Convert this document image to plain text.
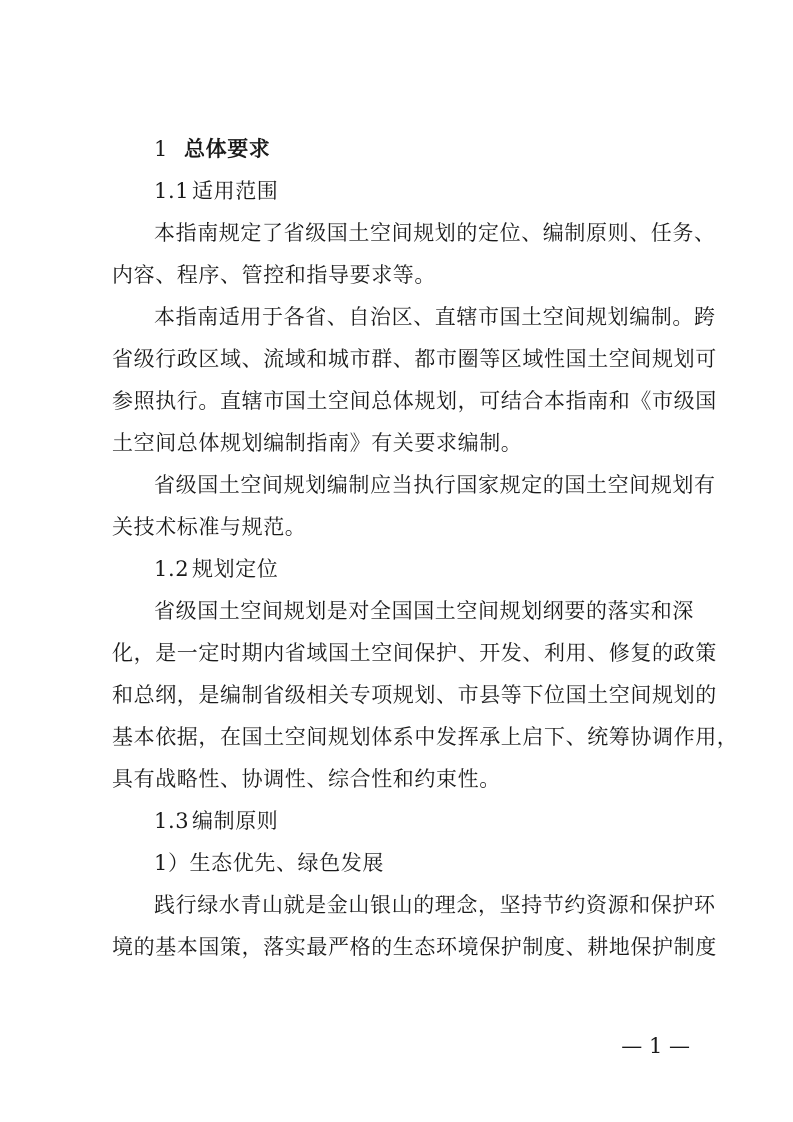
1 总体要求
1.1 适用范围
本指南规定了省级国土空间规划的定位、编制原则、任务、
内容、程序、管控和指导要求等。
本指南适用于各省、自治区、直辖市国土空间规划编制。跨
省级行政区域、流域和城市群、都市圈等区域性国土空间规划可
参照执行。直辖市国土空间总体规划，可结合本指南和《市级国
土空间总体规划编制指南》有关要求编制。
省级国土空间规划编制应当执行国家规定的国土空间规划有
关技术标准与规范。
1.2 规划定位
省级国土空间规划是对全国国土空间规划纲要的落实和深
化，是一定时期内省域国土空间保护、开发、利用、修复的政策
和总纲，是编制省级相关专项规划、市县等下位国土空间规划的
基本依据，在国土空间规划体系中发挥承上启下、统筹协调作用，
具有战略性、协调性、综合性和约束性。
1.3 编制原则
1）生态优先、绿色发展
践行绿水青山就是金山银山的理念，坚持节约资源和保护环
境的基本国策，落实最严格的生态环境保护制度、耕地保护制度
— 1 —
